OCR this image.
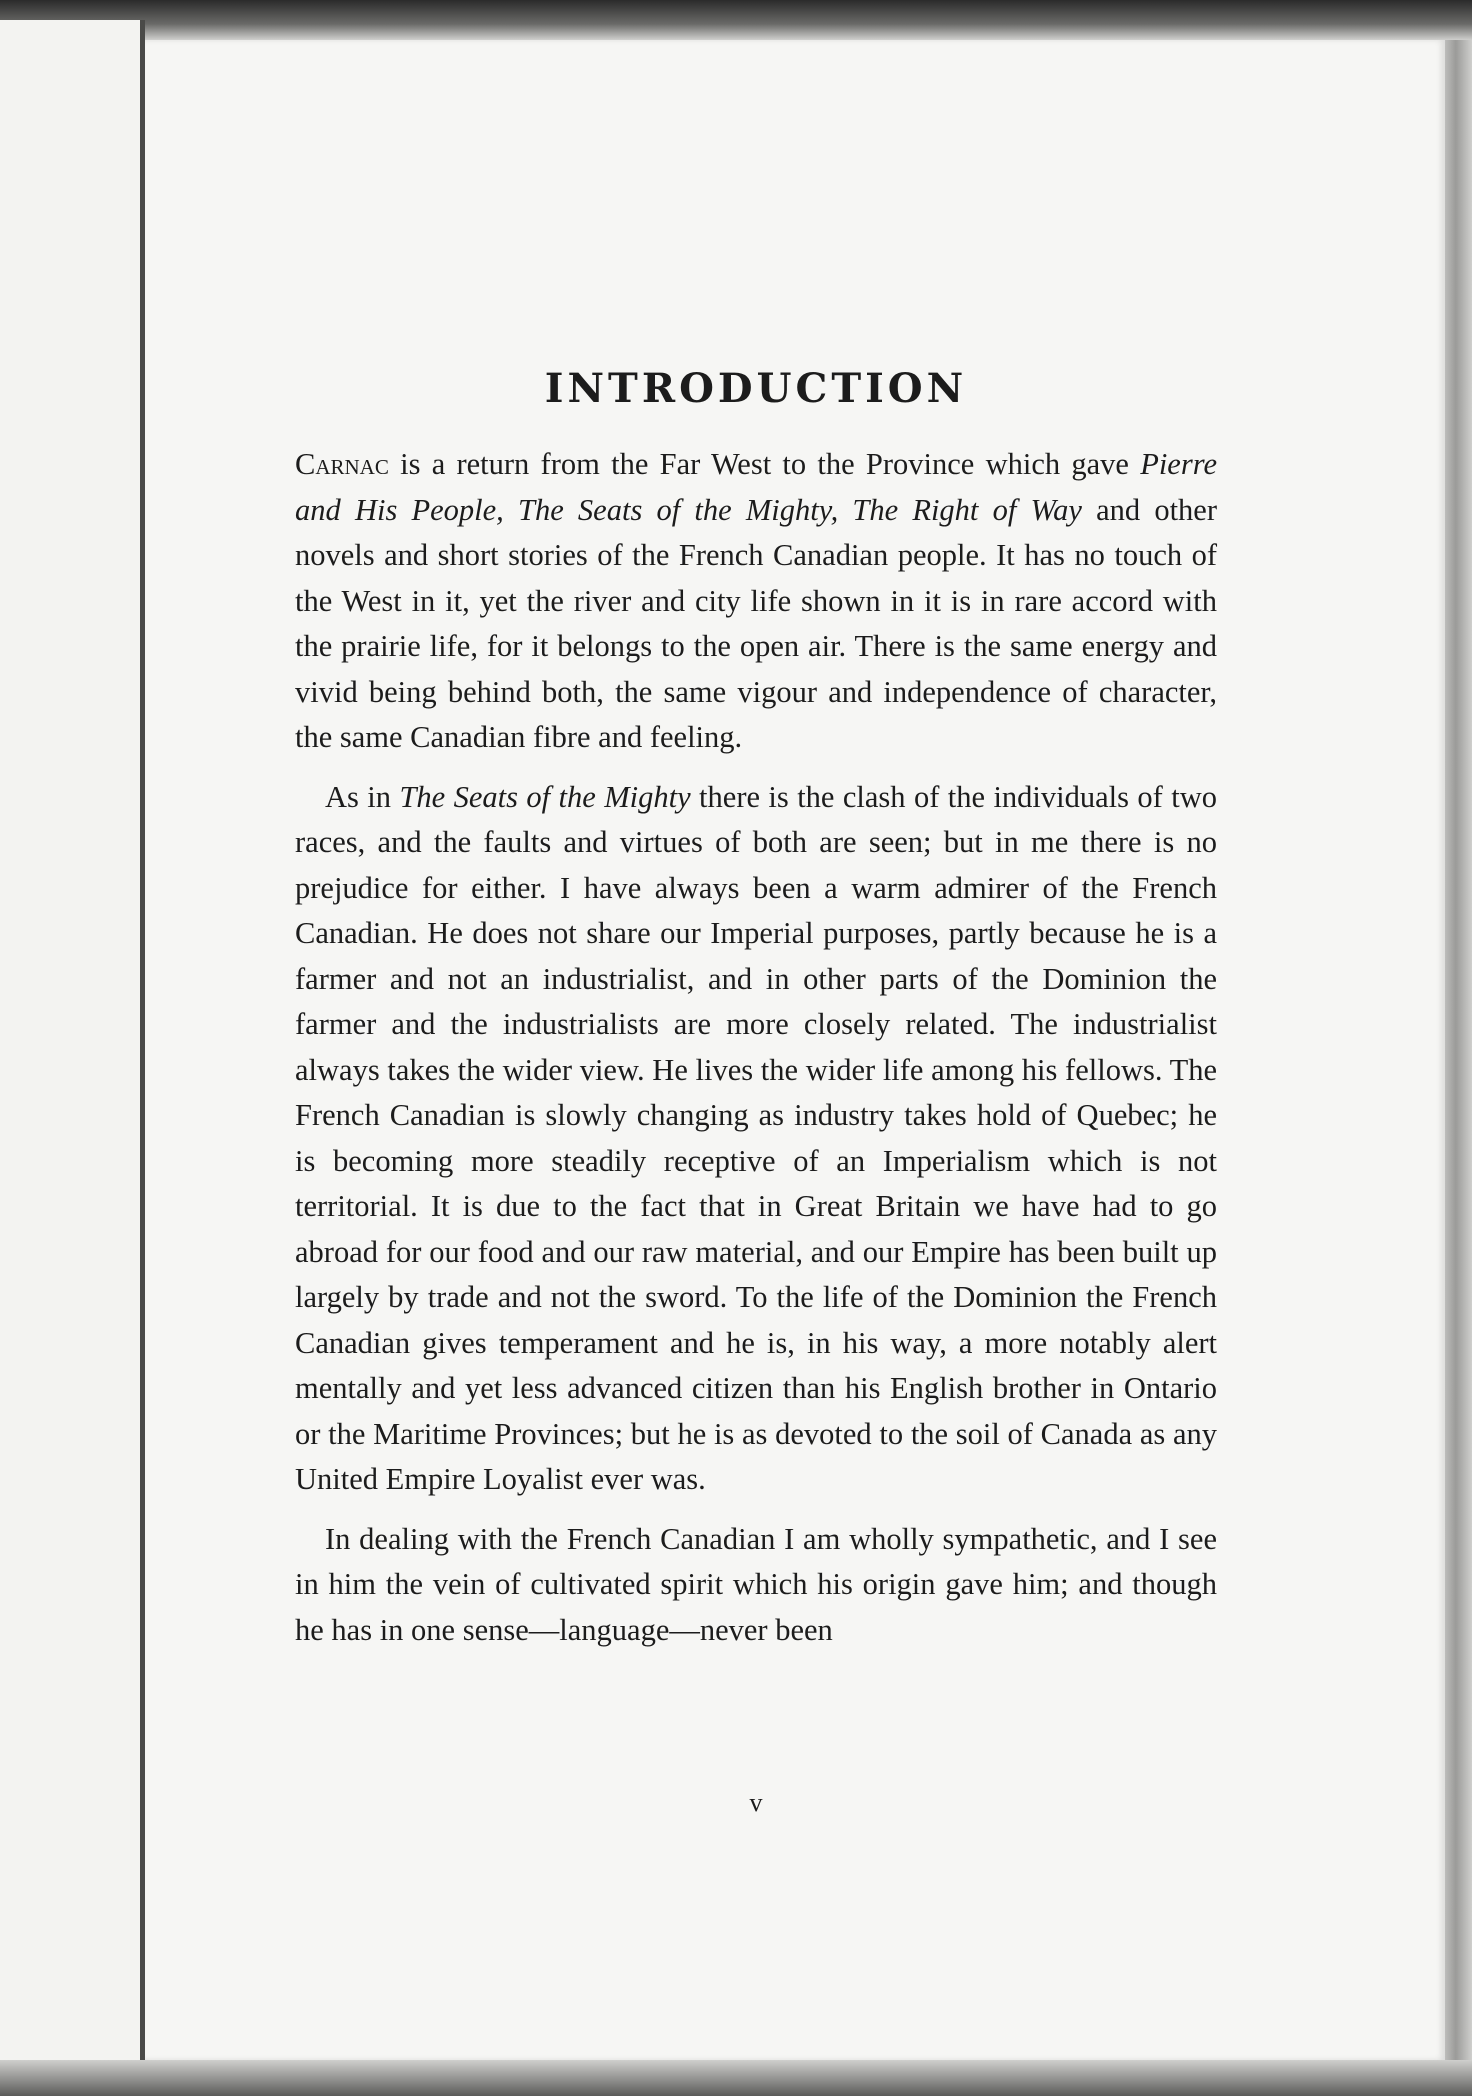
INTRODUCTION

Carnac is a return from the Far West to the Province which gave Pierre and His People, The Seats of the Mighty, The Right of Way and other novels and short stories of the French Canadian people. It has no touch of the West in it, yet the river and city life shown in it is in rare accord with the prairie life, for it belongs to the open air. There is the same energy and vivid being behind both, the same vigour and independence of character, the same Canadian fibre and feeling.

As in The Seats of the Mighty there is the clash of the individuals of two races, and the faults and virtues of both are seen; but in me there is no prejudice for either. I have always been a warm admirer of the French Canadian. He does not share our Imperial purposes, partly because he is a farmer and not an industrialist, and in other parts of the Dominion the farmer and the industrialists are more closely related. The industrialist always takes the wider view. He lives the wider life among his fellows. The French Canadian is slowly changing as industry takes hold of Quebec; he is becoming more steadily receptive of an Imperialism which is not territorial. It is due to the fact that in Great Britain we have had to go abroad for our food and our raw material, and our Empire has been built up largely by trade and not the sword. To the life of the Dominion the French Canadian gives temperament and he is, in his way, a more notably alert mentally and yet less advanced citizen than his English brother in Ontario or the Maritime Provinces; but he is as devoted to the soil of Canada as any United Empire Loyalist ever was.

In dealing with the French Canadian I am wholly sympathetic, and I see in him the vein of cultivated spirit which his origin gave him; and though he has in one sense—language—never been

v
